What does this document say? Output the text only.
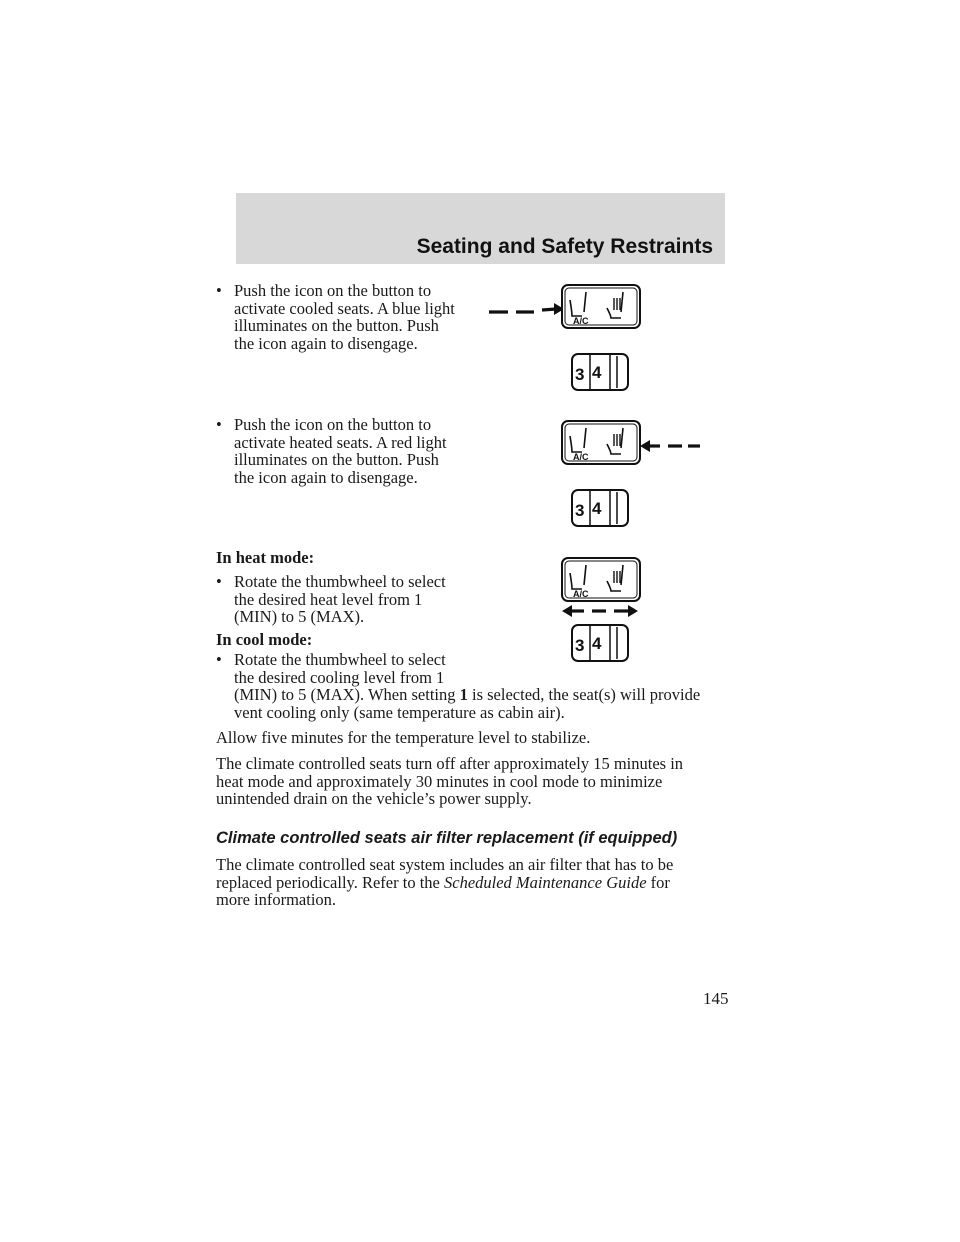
Seating and Safety Restraints
• Push the icon on the button to
activate cooled seats. A blue light
illuminates on the button. Push
the icon again to disengage.
• Push the icon on the button to
activate heated seats. A red light
illuminates on the button. Push
the icon again to disengage.
In heat mode:
• Rotate the thumbwheel to select
the desired heat level from 1
(MIN) to 5 (MAX).
In cool mode:
• Rotate the thumbwheel to select
the desired cooling level from 1
(MIN) to 5 (MAX). When setting 1 is selected, the seat(s) will provide
vent cooling only (same temperature as cabin air).
Allow five minutes for the temperature level to stabilize.
The climate controlled seats turn off after approximately 15 minutes in
heat mode and approximately 30 minutes in cool mode to minimize
unintended drain on the vehicle’s power supply.
Climate controlled seats air filter replacement (if equipped)
The climate controlled seat system includes an air filter that has to be
replaced periodically. Refer to the Scheduled Maintenance Guide for
more information.
145
A/C
3 4
A/C
3 4
A/C
3 4
